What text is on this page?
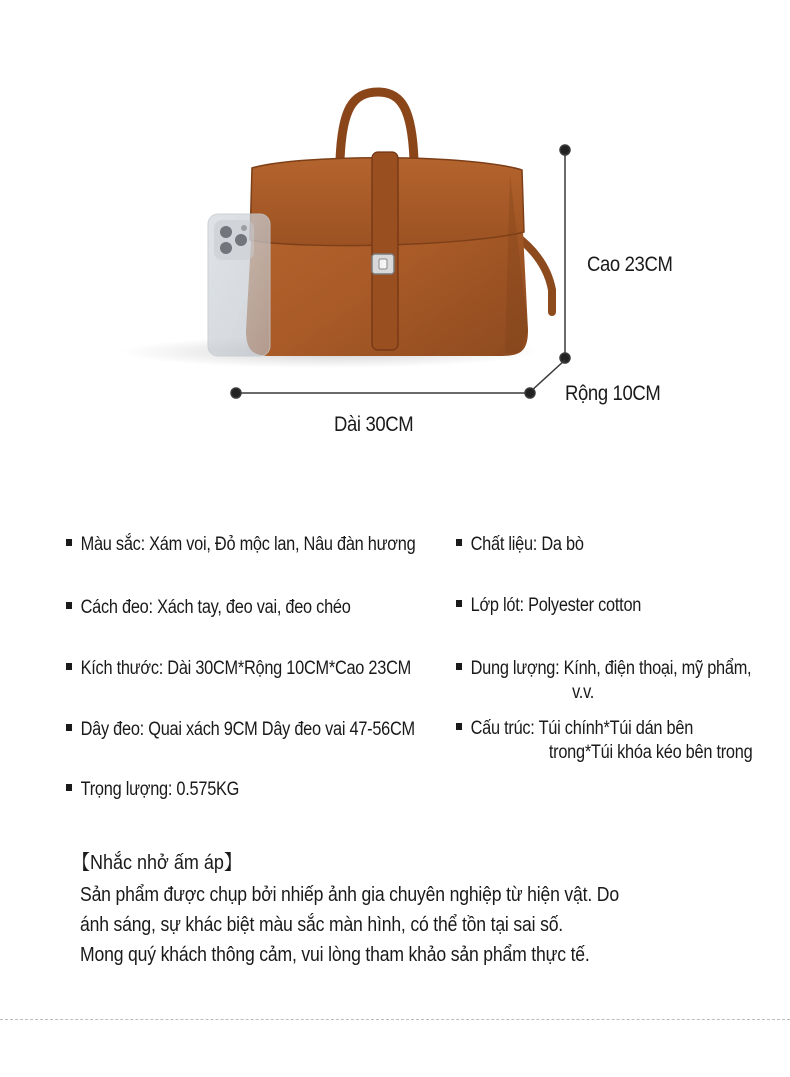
Cao 23CM
Rộng 10CM
Dài 30CM
Màu sắc: Xám voi, Đỏ mộc lan, Nâu đàn hương	Chất liệu: Da bò
Cách đeo: Xách tay, đeo vai, đeo chéo	Lớp lót: Polyester cotton
Kích thước: Dài 30CM*Rộng 10CM*Cao 23CM	Dung lượng: Kính, điện thoại, mỹ phẩm,
v.v.
Dây đeo: Quai xách 9CM Dây đeo vai 47-56CM	Cấu trúc: Túi chính*Túi dán bên
trong*Túi khóa kéo bên trong
Trọng lượng: 0.575KG
【Nhắc nhở ấm áp】
Sản phẩm được chụp bởi nhiếp ảnh gia chuyên nghiệp từ hiện vật. Do
ánh sáng, sự khác biệt màu sắc màn hình, có thể tồn tại sai số.
Mong quý khách thông cảm, vui lòng tham khảo sản phẩm thực tế.
